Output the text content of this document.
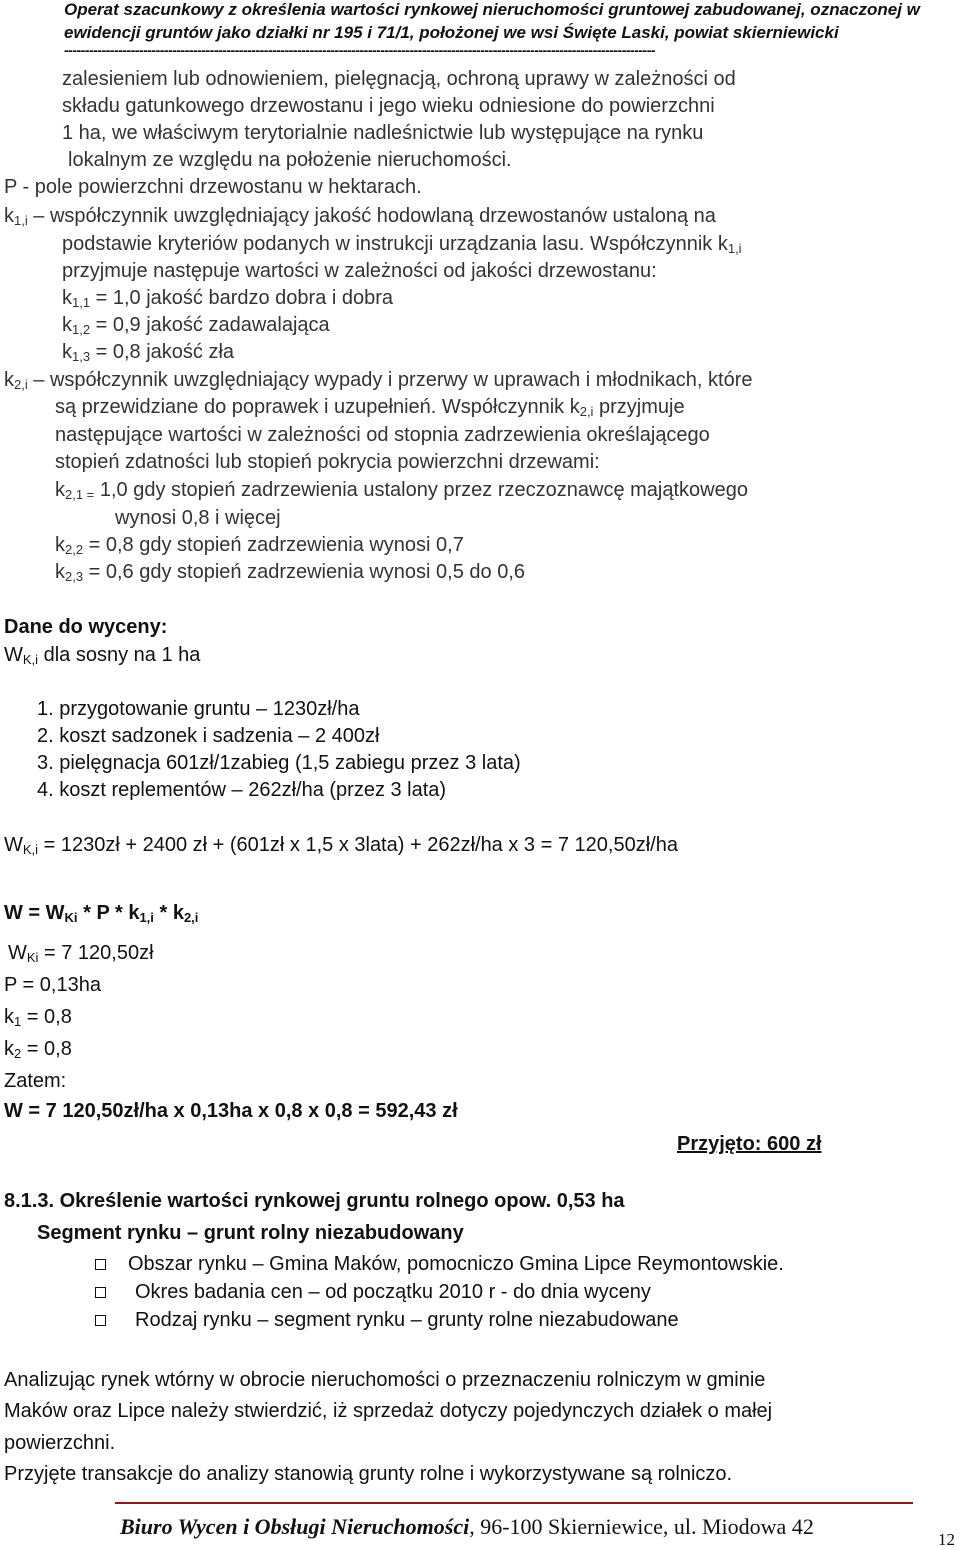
Operat szacunkowy z określenia wartości rynkowej nieruchomości gruntowej zabudowanej, oznaczonej w
ewidencji gruntów jako działki nr 195 i 71/1, położonej we wsi Święte Laski, powiat skierniewicki
----------------------------------------------------------------------------------------------------------------------------------------------
zalesieniem lub odnowieniem, pielęgnacją, ochroną uprawy w zależności od
składu gatunkowego drzewostanu i jego wieku odniesione do powierzchni
1 ha, we właściwym terytorialnie nadleśnictwie lub występujące na rynku
lokalnym ze względu na położenie nieruchomości.
P - pole powierzchni drzewostanu w hektarach.
$k_{1,i}$ – współczynnik uwzględniający jakość hodowlaną drzewostanów ustaloną na
podstawie kryteriów podanych w instrukcji urządzania lasu. Współczynnik $k_{1,i}$
przyjmuje następuje wartości w zależności od jakości drzewostanu:
$k_{1,1} = 1,0$ jakość bardzo dobra i dobra
$k_{1,2} = 0,9$ jakość zadawalająca
$k_{1,3} = 0,8$ jakość zła
$k_{2,i}$ – współczynnik uwzględniający wypady i przerwy w uprawach i młodnikach, które
są przewidziane do poprawek i uzupełnień. Współczynnik $k_{2,i}$ przyjmuje
następujące wartości w zależności od stopnia zadrzewienia określającego
stopień zdatności lub stopień pokrycia powierzchni drzewami:
$k_{2,1 =}$ 1,0 gdy stopień zadrzewienia ustalony przez rzeczoznawcę majątkowego
wynosi 0,8 i więcej
$k_{2,2} = 0,8$ gdy stopień zadrzewienia wynosi 0,7
$k_{2,3} = 0,6$ gdy stopień zadrzewienia wynosi 0,5 do 0,6
Dane do wyceny:
$W_{K,i}$ dla sosny na 1 ha
1. przygotowanie gruntu – 1230zł/ha
2. koszt sadzonek i sadzenia – 2 400zł
3. pielęgnacja 601zł/1zabieg (1,5 zabiegu przez 3 lata)
4. koszt replementów – 262zł/ha (przez 3 lata)
$W_{K,i}$ = 1230zł + 2400 zł + (601zł x 1,5 x 3lata) + 262zł/ha x 3 = 7 120,50zł/ha
$W = W_{Ki} * P * k_{1,i} * k_{2,i}$
$W_{Ki} = 7$ 120,50zł
P = 0,13ha
$k_1 = 0,8$
$k_2 = 0,8$
Zatem:
W = 7 120,50zł/ha x 0,13ha x 0,8 x 0,8 = 592,43 zł
Przyjęto: 600 zł
8.1.3. Określenie wartości rynkowej gruntu rolnego opow. 0,53 ha
Segment rynku – grunt rolny niezabudowany
Obszar rynku – Gmina Maków, pomocniczo Gmina Lipce Reymontowskie.
Okres badania cen – od początku 2010 r - do dnia wyceny
Rodzaj rynku – segment rynku – grunty rolne niezabudowane
Analizując rynek wtórny w obrocie nieruchomości o przeznaczeniu rolniczym w gminie
Maków oraz Lipce należy stwierdzić, iż sprzedaż dotyczy pojedynczych działek o małej
powierzchni.
Przyjęte transakcje do analizy stanowią grunty rolne i wykorzystywane są rolniczo.
Biuro Wycen i Obsługi Nieruchomości, 96-100 Skierniewice, ul. Miodowa 42
12
